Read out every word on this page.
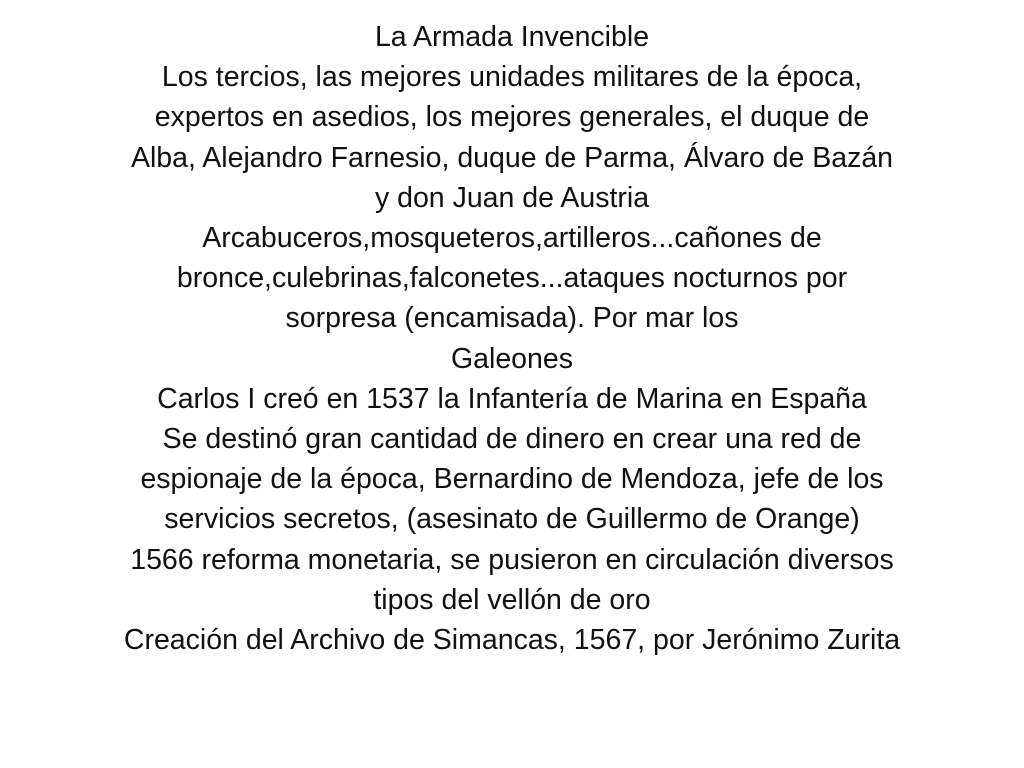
La Armada Invencible
Los tercios, las mejores unidades militares de la época,
expertos en asedios, los mejores generales, el duque de
Alba, Alejandro Farnesio, duque de Parma, Álvaro de Bazán
y don Juan de Austria
Arcabuceros,mosqueteros,artilleros...cañones de
bronce,culebrinas,falconetes...ataques nocturnos por
sorpresa (encamisada). Por mar los
Galeones
Carlos I creó en 1537 la Infantería de Marina en España
Se destinó gran cantidad de dinero en crear una red de
espionaje de la época, Bernardino de Mendoza, jefe de los
servicios secretos, (asesinato de Guillermo de Orange)
1566 reforma monetaria, se pusieron en circulación diversos
tipos del vellón de oro
Creación del Archivo de Simancas, 1567, por Jerónimo Zurita
